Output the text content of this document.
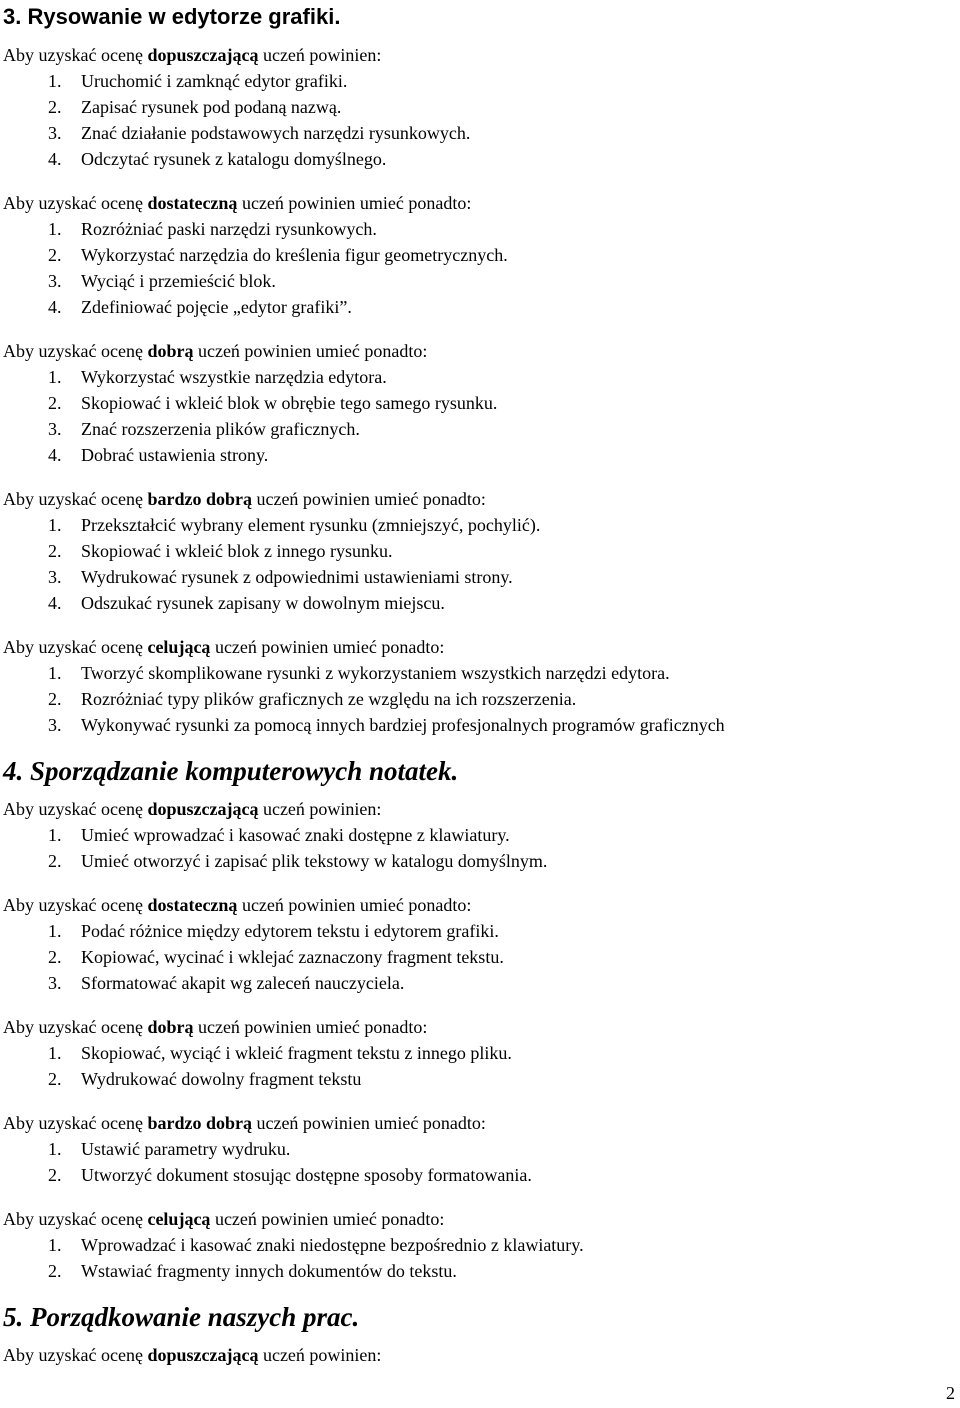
3. Rysowanie w edytorze grafiki.
Aby uzyskać ocenę dopuszczającą uczeń powinien:
1.	Uruchomić i zamknąć edytor grafiki.
2.	Zapisać rysunek pod podaną nazwą.
3.	Znać działanie podstawowych narzędzi rysunkowych.
4.	Odczytać rysunek z katalogu domyślnego.
Aby uzyskać ocenę dostateczną uczeń powinien umieć ponadto:
1.	Rozróżniać paski narzędzi rysunkowych.
2.	Wykorzystać narzędzia do kreślenia figur geometrycznych.
3.	Wyciąć i przemieścić blok.
4.	Zdefiniować pojęcie „edytor grafiki”.
Aby uzyskać ocenę dobrą uczeń powinien umieć ponadto:
1.	Wykorzystać wszystkie narzędzia edytora.
2.	Skopiować i wkleić blok w obrębie tego samego rysunku.
3.	Znać rozszerzenia plików graficznych.
4.	Dobrać ustawienia strony.
Aby uzyskać ocenę bardzo dobrą uczeń powinien umieć ponadto:
1.	Przekształcić wybrany element rysunku (zmniejszyć, pochylić).
2.	Skopiować i wkleić blok z innego rysunku.
3.	Wydrukować rysunek z odpowiednimi ustawieniami strony.
4.	Odszukać rysunek zapisany w dowolnym miejscu.
Aby uzyskać ocenę celującą uczeń powinien umieć ponadto:
1.	Tworzyć skomplikowane rysunki z wykorzystaniem wszystkich narzędzi edytora.
2.	Rozróżniać typy plików graficznych ze względu na ich rozszerzenia.
3.	Wykonywać rysunki za pomocą innych bardziej profesjonalnych programów graficznych
4. Sporządzanie komputerowych notatek.
Aby uzyskać ocenę dopuszczającą uczeń powinien:
1.	Umieć wprowadzać i kasować znaki dostępne z klawiatury.
2.	Umieć otworzyć i zapisać plik tekstowy w katalogu domyślnym.
Aby uzyskać ocenę dostateczną uczeń powinien umieć ponadto:
1.	Podać różnice między edytorem tekstu i edytorem grafiki.
2.	Kopiować, wycinać i wklejać zaznaczony fragment tekstu.
3.	Sformatować akapit wg zaleceń nauczyciela.
Aby uzyskać ocenę dobrą uczeń powinien umieć ponadto:
1.	Skopiować, wyciąć i wkleić fragment tekstu z innego pliku.
2.	Wydrukować dowolny fragment tekstu
Aby uzyskać ocenę bardzo dobrą uczeń powinien umieć ponadto:
1.	Ustawić parametry wydruku.
2.	Utworzyć dokument stosując dostępne sposoby formatowania.
Aby uzyskać ocenę celującą uczeń powinien umieć ponadto:
1.	Wprowadzać i kasować znaki niedostępne bezpośrednio z klawiatury.
2.	Wstawiać fragmenty innych dokumentów do tekstu.
5. Porządkowanie naszych prac.
Aby uzyskać ocenę dopuszczającą uczeń powinien:
2
